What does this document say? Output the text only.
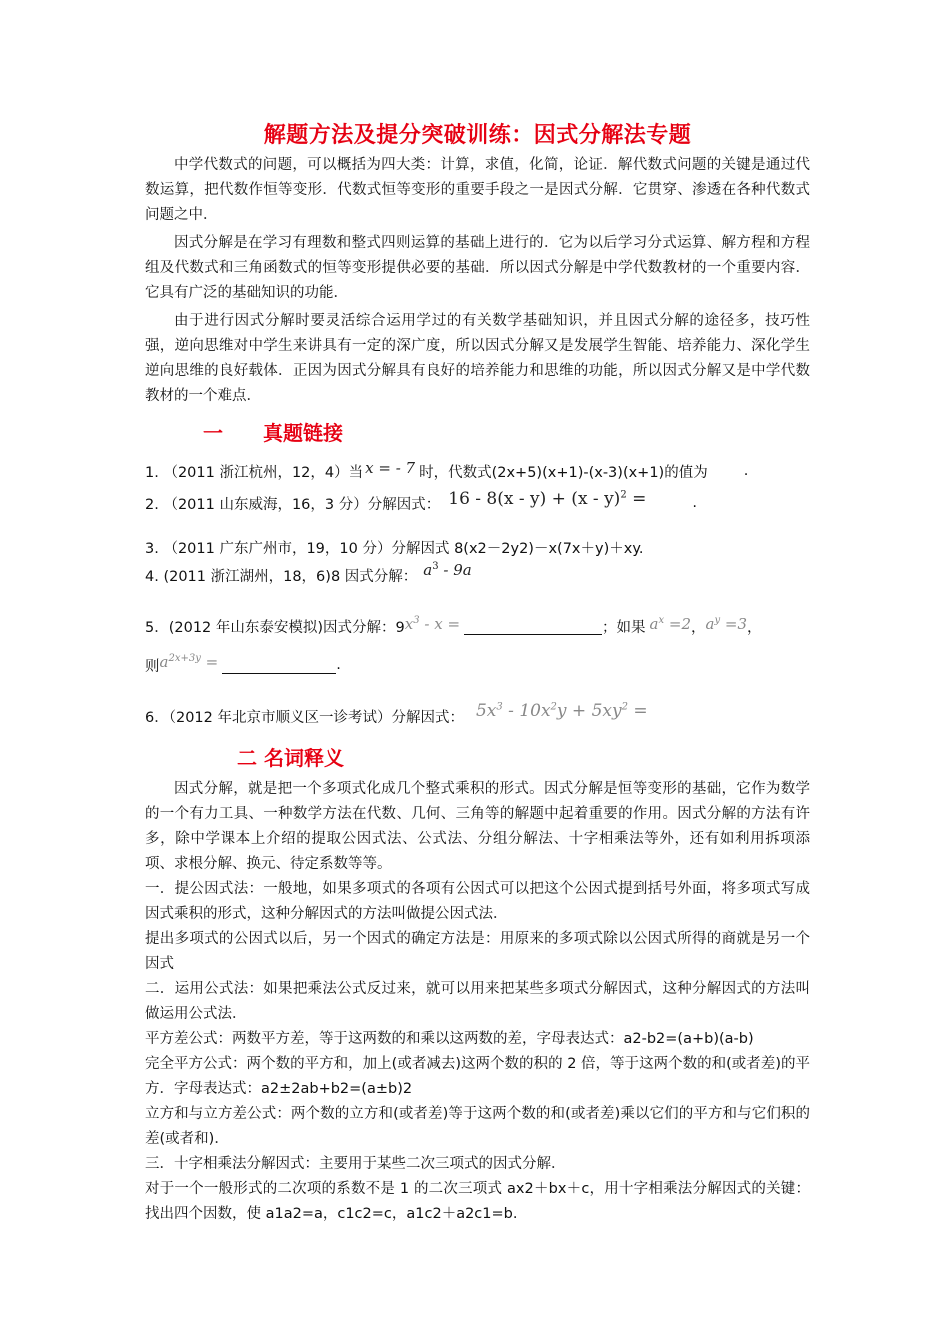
解题方法及提分突破训练：因式分解法专题

中学代数式的问题，可以概括为四大类：计算，求值，化简，论证．解代数式问题的关键是通过代数运算，把代数作恒等变形．代数式恒等变形的重要手段之一是因式分解．它贯穿、渗透在各种代数式问题之中．

因式分解是在学习有理数和整式四则运算的基础上进行的．它为以后学习分式运算、解方程和方程组及代数式和三角函数式的恒等变形提供必要的基础．所以因式分解是中学代数教材的一个重要内容．它具有广泛的基础知识的功能．

由于进行因式分解时要灵活综合运用学过的有关数学基础知识，并且因式分解的途径多，技巧性强，逆向思维对中学生来讲具有一定的深广度，所以因式分解又是发展学生智能、培养能力、深化学生逆向思维的良好载体．正因为因式分解具有良好的培养能力和思维的功能，所以因式分解又是中学代数教材的一个难点．

一 真题链接
1. （2011 浙江杭州，12，4）当 x = - 7 时，代数式(2x+5)(x+1)-(x-3)(x+1)的值为 .
2. （2011 山东威海，16，3 分）分解因式： 16 - 8(x - y) + (x - y)$^2$ =	.
3. （2011 广东广州市，19，10 分）分解因式 8(x2－2y2)－x(7x＋y)＋xy.
4. (2011 浙江湖州，18，6)8 因式分解： $a^3 - 9a$
5．(2012 年山东泰安模拟)因式分解：9 $x^3$ - x =	；如果 $a^x =2$ ， $a^y =3$ ，
则 $a^{2x+3y}$ =	.
6．（2012 年北京市顺义区一诊考试）分解因式： $5x^3 - 10x^2y + 5xy^2$ =
二 名词释义

因式分解，就是把一个多项式化成几个整式乘积的形式。因式分解是恒等变形的基础，它作为数学的一个有力工具、一种数学方法在代数、几何、三角等的解题中起着重要的作用。因式分解的方法有许多，除中学课本上介绍的提取公因式法、公式法、分组分解法、十字相乘法等外，还有如利用拆项添项、求根分解、换元、待定系数等等。

一．提公因式法：一般地，如果多项式的各项有公因式可以把这个公因式提到括号外面，将多项式写成因式乘积的形式，这种分解因式的方法叫做提公因式法．

提出多项式的公因式以后，另一个因式的确定方法是：用原来的多项式除以公因式所得的商就是另一个因式

二．运用公式法：如果把乘法公式反过来，就可以用来把某些多项式分解因式，这种分解因式的方法叫做运用公式法．

平方差公式：两数平方差，等于这两数的和乘以这两数的差，字母表达式：a2-b2=(a+b)(a-b)

完全平方公式：两个数的平方和，加上(或者减去)这两个数的积的 2 倍，等于这两个数的和(或者差)的平方．字母表达式：a2±2ab+b2=(a±b)2

立方和与立方差公式：两个数的立方和(或者差)等于这两个数的和(或者差)乘以它们的平方和与它们积的差(或者和)．

三．十字相乘法分解因式：主要用于某些二次三项式的因式分解．

对于一个一般形式的二次项的系数不是 1 的二次三项式 ax2＋bx＋c，用十字相乘法分解因式的关键：找出四个因数，使 a1a2=a，c1c2=c，a1c2＋a2c1=b.
